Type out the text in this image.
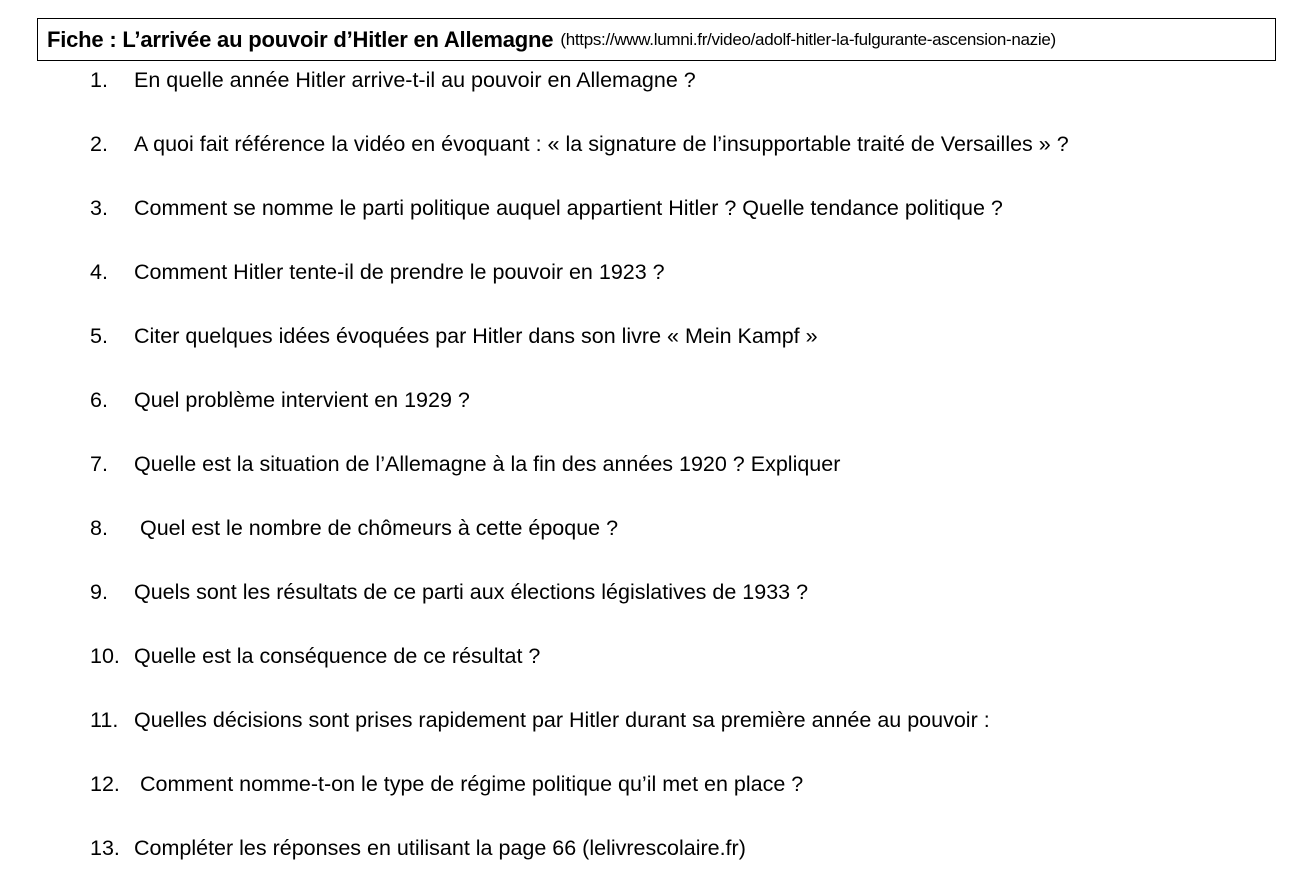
Fiche : L’arrivée au pouvoir d’Hitler en Allemagne (https://www.lumni.fr/video/adolf-hitler-la-fulgurante-ascension-nazie)
1.	En quelle année Hitler arrive-t-il au pouvoir en Allemagne ?
2.	A quoi fait référence la vidéo en évoquant : « la signature de l’insupportable traité de Versailles » ?
3.	Comment se nomme le parti politique auquel appartient Hitler ? Quelle tendance politique ?
4.	Comment Hitler tente-il de prendre le pouvoir en 1923 ?
5.	Citer quelques idées évoquées par Hitler dans son livre « Mein Kampf »
6.	Quel problème intervient en 1929 ?
7.	Quelle est la situation de l’Allemagne à la fin des années 1920 ? Expliquer
8.	Quel est le nombre de chômeurs à cette époque ?
9.	Quels sont les résultats de ce parti aux élections législatives de 1933 ?
10. Quelle est la conséquence de ce résultat ?
11. Quelles décisions sont prises rapidement par Hitler durant sa première année au pouvoir :
12. Comment nomme-t-on le type de régime politique qu’il met en place ?
13. Compléter les réponses en utilisant la page 66 (lelivrescolaire.fr)
